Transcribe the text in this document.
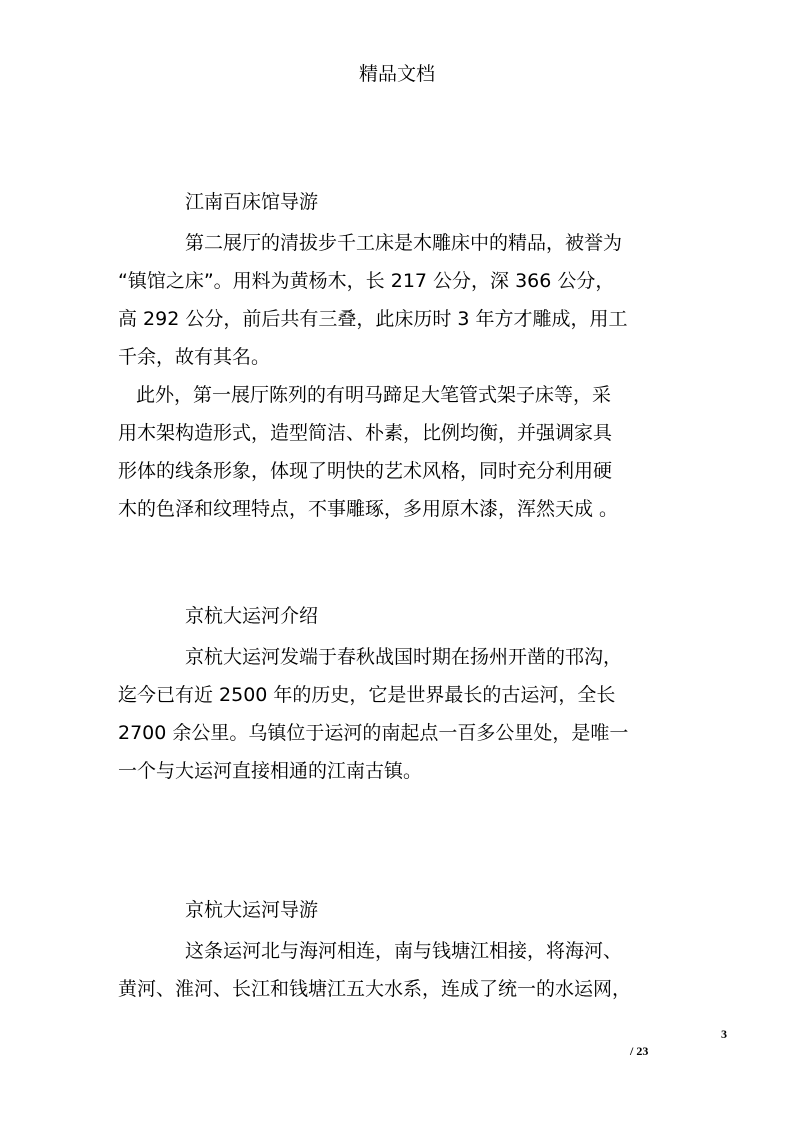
精品文档
江南百床馆导游
第二展厅的清拔步千工床是木雕床中的精品，被誉为
“镇馆之床”。用料为黄杨木，长 217 公分，深 366 公分，
高 292 公分，前后共有三叠，此床历时 3 年方才雕成，用工
千余，故有其名。
此外，第一展厅陈列的有明马蹄足大笔管式架子床等，采
用木架构造形式，造型简洁、朴素，比例均衡，并强调家具
形体的线条形象，体现了明快的艺术风格，同时充分利用硬
木的色泽和纹理特点，不事雕琢，多用原木漆，浑然天成 。
京杭大运河介绍
京杭大运河发端于春秋战国时期在扬州开凿的邗沟，
迄今已有近 2500 年的历史，它是世界最长的古运河，全长
2700 余公里。乌镇位于运河的南起点一百多公里处，是唯一
一个与大运河直接相通的江南古镇。
京杭大运河导游
这条运河北与海河相连，南与钱塘江相接，将海河、
黄河、淮河、长江和钱塘江五大水系，连成了统一的水运网，
3
/ 23
